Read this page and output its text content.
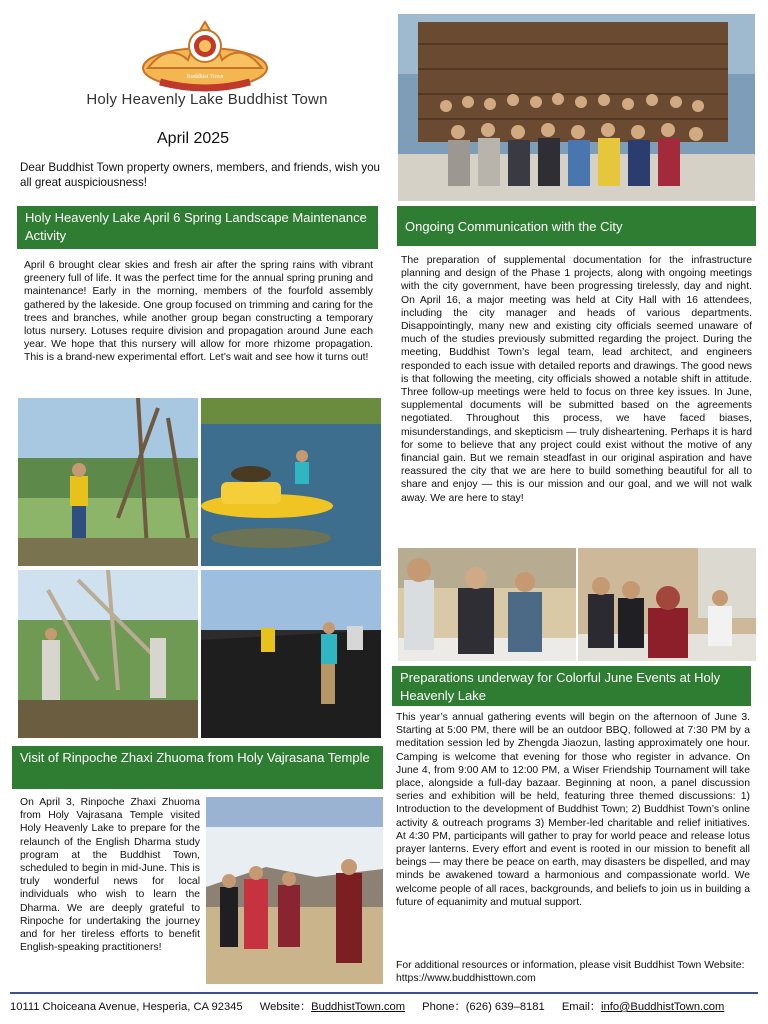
Buddhist Town
Holy Heavenly Lake Buddhist Town
April 2025
Dear Buddhist Town property owners, members, and friends, wish you all great auspiciousness!
Holy Heavenly Lake April 6 Spring Landscape Maintenance Activity
April 6 brought clear skies and fresh air after the spring rains with vibrant greenery full of life. It was the perfect time for the annual spring pruning and maintenance! Early in the morning, members of the fourfold assembly gathered by the lakeside. One group focused on trimming and caring for the trees and branches, while another group began constructing a temporary lotus nursery. Lotuses require division and propagation around June each year. We hope that this nursery will allow for more rhizome propagation. This is a brand-new experimental effort. Let’s wait and see how it turns out!
Visit of Rinpoche Zhaxi Zhuoma from Holy Vajrasana Temple
On April 3, Rinpoche Zhaxi Zhuoma from Holy Vajrasana Temple visited Holy Heavenly Lake to prepare for the relaunch of the English Dharma study program at the Buddhist Town, scheduled to begin in mid-June. This is truly wonderful news for local individuals who wish to learn the Dharma. We are deeply grateful to Rinpoche for undertaking the journey and for her tireless efforts to benefit English-speaking practitioners!
Ongoing Communication with the City
The preparation of supplemental documentation for the infrastructure planning and design of the Phase 1 projects, along with ongoing meetings with the city government, have been progressing tirelessly, day and night. On April 16, a major meeting was held at City Hall with 16 attendees, including the city manager and heads of various departments. Disappointingly, many new and existing city officials seemed unaware of much of the studies previously submitted regarding the project. During the meeting, Buddhist Town’s legal team, lead architect, and engineers responded to each issue with detailed reports and drawings. The good news is that following the meeting, city officials showed a notable shift in attitude. Three follow-up meetings were held to focus on three key issues. In June, supplemental documents will be submitted based on the agreements negotiated. Throughout this process, we have faced biases, misunderstandings, and skepticism — truly disheartening. Perhaps it is hard for some to believe that any project could exist without the motive of any financial gain. But we remain steadfast in our original aspiration and have reassured the city that we are here to build something beautiful for all to share and enjoy — this is our mission and our goal, and we will not walk away. We are here to stay!
Preparations underway for Colorful June Events at Holy Heavenly Lake
This year’s annual gathering events will begin on the afternoon of June 3. Starting at 5:00 PM, there will be an outdoor BBQ, followed at 7:30 PM by a meditation session led by Zhengda Jiaozun, lasting approximately one hour. Camping is welcome that evening for those who register in advance. On June 4, from 9:00 AM to 12:00 PM, a Wiser Friendship Tournament will take place, alongside a full-day bazaar. Beginning at noon, a panel discussion series and exhibition will be held, featuring three themed discussions: 1) Introduction to the development of Buddhist Town; 2) Buddhist Town’s online activity & outreach programs 3) Member-led charitable and relief initiatives. At 4:30 PM, participants will gather to pray for world peace and release lotus prayer lanterns. Every effort and event is rooted in our mission to benefit all beings — may there be peace on earth, may disasters be dispelled, and may minds be awakened toward a harmonious and compassionate world. We welcome people of all races, backgrounds, and beliefs to join us in building a future of equanimity and mutual support.
For additional resources or information, please visit Buddhist Town Website: https://www.buddhisttown.com
10111 Choiceana Avenue, Hesperia, CA 92345 Website：BuddhistTown.com Phone：(626) 639–8181 Email：info@BuddhistTown.com
